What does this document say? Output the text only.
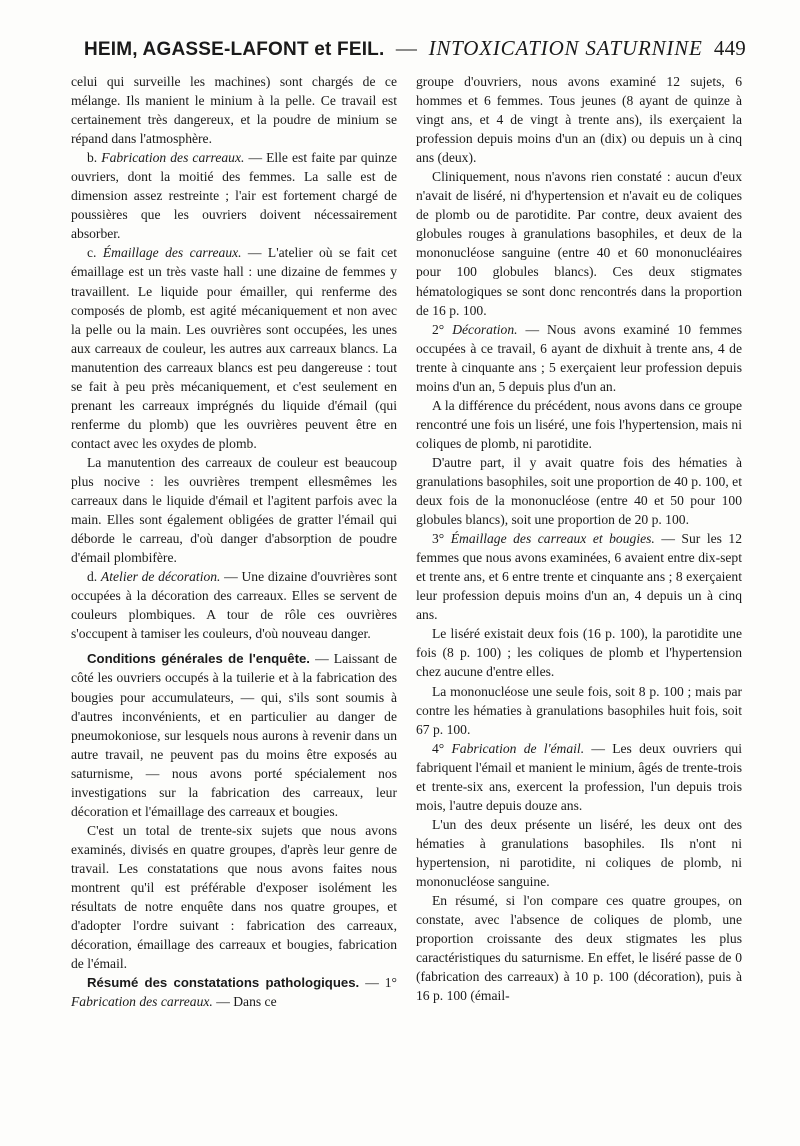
HEIM, AGASSE-LAFONT et FEIL. — INTOXICATION SATURNINE 449

celui qui surveille les machines) sont chargés de ce mélange. Ils manient le minium à la pelle. Ce travail est certainement très dangereux, et la poudre de minium se répand dans l'atmosphère.

b. Fabrication des carreaux. — Elle est faite par quinze ouvriers, dont la moitié des femmes. La salle est de dimension assez restreinte ; l'air est fortement chargé de poussières que les ouvriers doivent nécessairement absorber.

c. Émaillage des carreaux. — L'atelier où se fait cet émaillage est un très vaste hall : une dizaine de femmes y travaillent. Le liquide pour émailler, qui renferme des composés de plomb, est agité mécaniquement et non avec la pelle ou la main. Les ouvrières sont occupées, les unes aux carreaux de couleur, les autres aux carreaux blancs. La manutention des carreaux blancs est peu dangereuse : tout se fait à peu près mécaniquement, et c'est seulement en prenant les carreaux imprégnés du liquide d'émail (qui renferme du plomb) que les ouvrières peuvent être en contact avec les oxydes de plomb.

La manutention des carreaux de couleur est beaucoup plus nocive : les ouvrières trempent ellesmêmes les carreaux dans le liquide d'émail et l'agitent parfois avec la main. Elles sont également obligées de gratter l'émail qui déborde le carreau, d'où danger d'absorption de poudre d'émail plombifère.

d. Atelier de décoration. — Une dizaine d'ouvrières sont occupées à la décoration des carreaux. Elles se servent de couleurs plombiques. A tour de rôle ces ouvrières s'occupent à tamiser les couleurs, d'où nouveau danger.

Conditions générales de l'enquête. — Laissant de côté les ouvriers occupés à la tuilerie et à la fabrication des bougies pour accumulateurs, — qui, s'ils sont soumis à d'autres inconvénients, et en particulier au danger de pneumokoniose, sur lesquels nous aurons à revenir dans un autre travail, ne peuvent pas du moins être exposés au saturnisme, — nous avons porté spécialement nos investigations sur la fabrication des carreaux, leur décoration et l'émaillage des carreaux et bougies.

C'est un total de trente-six sujets que nous avons examinés, divisés en quatre groupes, d'après leur genre de travail. Les constatations que nous avons faites nous montrent qu'il est préférable d'exposer isolément les résultats de notre enquête dans nos quatre groupes, et d'adopter l'ordre suivant : fabrication des carreaux, décoration, émaillage des carreaux et bougies, fabrication de l'émail.

Résumé des constatations pathologiques. — 1° Fabrication des carreaux. — Dans ce

groupe d'ouvriers, nous avons examiné 12 sujets, 6 hommes et 6 femmes. Tous jeunes (8 ayant de quinze à vingt ans, et 4 de vingt à trente ans), ils exerçaient la profession depuis moins d'un an (dix) ou depuis un à cinq ans (deux).

Cliniquement, nous n'avons rien constaté : aucun d'eux n'avait de liséré, ni d'hypertension et n'avait eu de coliques de plomb ou de parotidite. Par contre, deux avaient des globules rouges à granulations basophiles, et deux de la mononucléose sanguine (entre 40 et 60 mononucléaires pour 100 globules blancs). Ces deux stigmates hématologiques se sont donc rencontrés dans la proportion de 16 p. 100.

2° Décoration. — Nous avons examiné 10 femmes occupées à ce travail, 6 ayant de dixhuit à trente ans, 4 de trente à cinquante ans ; 5 exerçaient leur profession depuis moins d'un an, 5 depuis plus d'un an.

A la différence du précédent, nous avons dans ce groupe rencontré une fois un liséré, une fois l'hypertension, mais ni coliques de plomb, ni parotidite.

D'autre part, il y avait quatre fois des hématies à granulations basophiles, soit une proportion de 40 p. 100, et deux fois de la mononucléose (entre 40 et 50 pour 100 globules blancs), soit une proportion de 20 p. 100.

3° Émaillage des carreaux et bougies. — Sur les 12 femmes que nous avons examinées, 6 avaient entre dix-sept et trente ans, et 6 entre trente et cinquante ans ; 8 exerçaient leur profession depuis moins d'un an, 4 depuis un à cinq ans.

Le liséré existait deux fois (16 p. 100), la parotidite une fois (8 p. 100) ; les coliques de plomb et l'hypertension chez aucune d'entre elles.

La mononucléose une seule fois, soit 8 p. 100 ; mais par contre les hématies à granulations basophiles huit fois, soit 67 p. 100.

4° Fabrication de l'émail. — Les deux ouvriers qui fabriquent l'émail et manient le minium, âgés de trente-trois et trente-six ans, exercent la profession, l'un depuis trois mois, l'autre depuis douze ans.

L'un des deux présente un liséré, les deux ont des hématies à granulations basophiles. Ils n'ont ni hypertension, ni parotidite, ni coliques de plomb, ni mononucléose sanguine.

En résumé, si l'on compare ces quatre groupes, on constate, avec l'absence de coliques de plomb, une proportion croissante des deux stigmates les plus caractéristiques du saturnisme. En effet, le liséré passe de 0 (fabrication des carreaux) à 10 p. 100 (décoration), puis à 16 p. 100 (émail-
